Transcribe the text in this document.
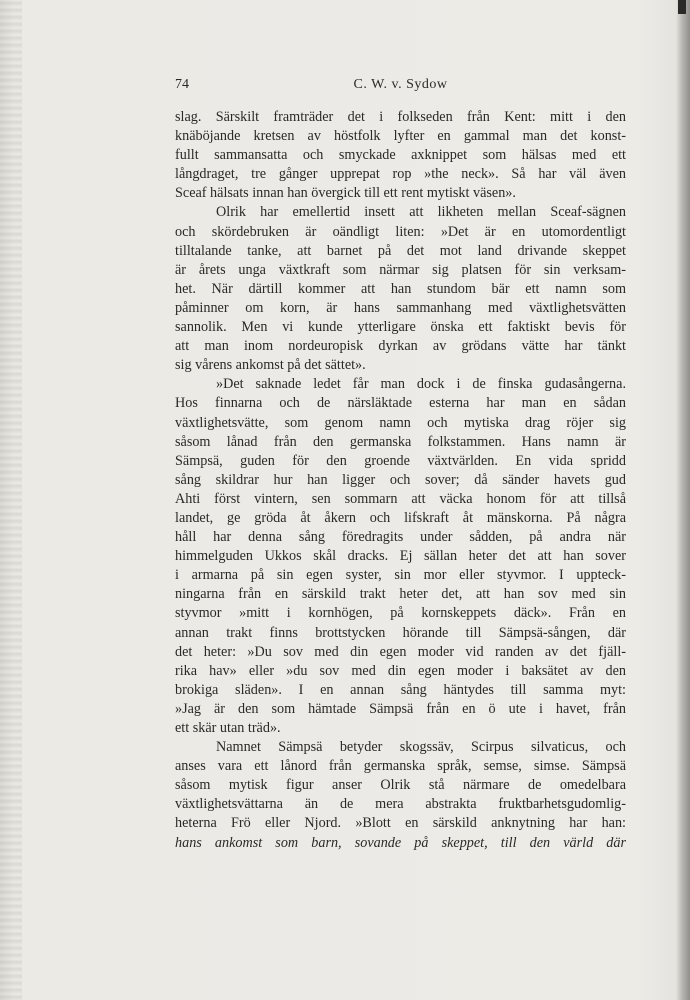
74	C. W. v. Sydow
slag. Särskilt framträder det i folkseden från Kent: mitt i den
knäböjande kretsen av höstfolk lyfter en gammal man det konst-
fullt sammansatta och smyckade axknippet som hälsas med ett
långdraget, tre gånger upprepat rop »the neck». Så har väl även
Sceaf hälsats innan han övergick till ett rent mytiskt väsen».
Olrik har emellertid insett att likheten mellan Sceaf-sägnen
och skördebruken är oändligt liten: »Det är en utomordentligt
tilltalande tanke, att barnet på det mot land drivande skeppet
är årets unga växtkraft som närmar sig platsen för sin verksam-
het. När därtill kommer att han stundom bär ett namn som
påminner om korn, är hans sammanhang med växtlighetsvätten
sannolik. Men vi kunde ytterligare önska ett faktiskt bevis för
att man inom nordeuropisk dyrkan av grödans vätte har tänkt
sig vårens ankomst på det sättet».
»Det saknade ledet får man dock i de finska gudasångerna.
Hos finnarna och de närsläktade esterna har man en sådan
växtlighetsvätte, som genom namn och mytiska drag röjer sig
såsom lånad från den germanska folkstammen. Hans namn är
Sämpsä, guden för den groende växtvärlden. En vida spridd
sång skildrar hur han ligger och sover; då sänder havets gud
Ahti först vintern, sen sommarn att väcka honom för att tillså
landet, ge gröda åt åkern och lifskraft åt mänskorna. På några
håll har denna sång föredragits under sådden, på andra när
himmelguden Ukkos skål dracks. Ej sällan heter det att han sover
i armarna på sin egen syster, sin mor eller styvmor. I uppteck-
ningarna från en särskild trakt heter det, att han sov med sin
styvmor »mitt i kornhögen, på kornskeppets däck». Från en
annan trakt finns brottstycken hörande till Sämpsä-sången, där
det heter: »Du sov med din egen moder vid randen av det fjäll-
rika hav» eller »du sov med din egen moder i baksätet av den
brokiga släden». I en annan sång häntydes till samma myt:
»Jag är den som hämtade Sämpsä från en ö ute i havet, från
ett skär utan träd».
Namnet Sämpsä betyder skogssäv, Scirpus silvaticus, och
anses vara ett lånord från germanska språk, semse, simse. Sämpsä
såsom mytisk figur anser Olrik stå närmare de omedelbara
växtlighetsvättarna än de mera abstrakta fruktbarhetsgudomlig-
heterna Frö eller Njord. »Blott en särskild anknytning har han:
hans ankomst som barn, sovande på skeppet, till den värld där
